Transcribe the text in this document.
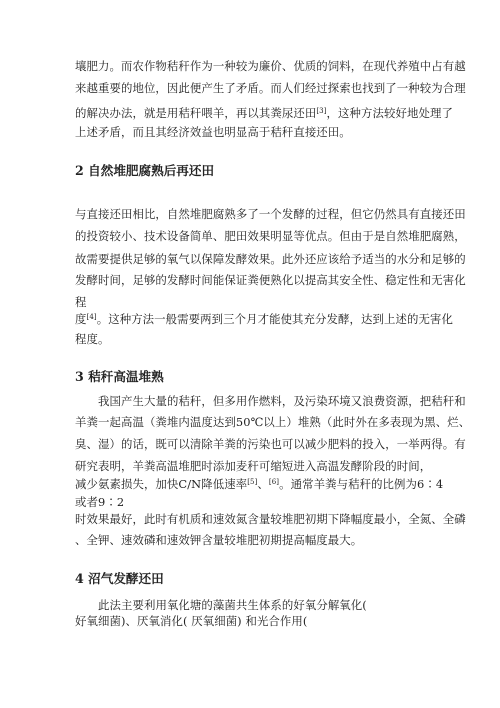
壤肥力。而农作物秸秆作为一种较为廉价、优质的饲料，在现代养殖中占有越
来越重要的地位，因此便产生了矛盾。而人们经过探索也找到了一种较为合理
的解决办法，就是用秸秆喂羊，再以其粪尿还田[3]，这种方法较好地处理了
上述矛盾，而且其经济效益也明显高于秸秆直接还田。
2 自然堆肥腐熟后再还田
与直接还田相比，自然堆肥腐熟多了一个发酵的过程，但它仍然具有直接还田
的投资较小、技术设备简单、肥田效果明显等优点。但由于是自然堆肥腐熟，
故需要提供足够的氧气以保障发酵效果。此外还应该给予适当的水分和足够的
发酵时间，足够的发酵时间能保证粪便熟化以提高其安全性、稳定性和无害化
程
度[4]。这种方法一般需要两到三个月才能使其充分发酵，达到上述的无害化
程度。
3 秸秆高温堆熟
我国产生大量的秸秆，但多用作燃料，及污染环境又浪费资源，把秸秆和
羊粪一起高温（粪堆内温度达到50℃以上）堆熟（此时外在多表现为黑、烂、
臭、湿）的话，既可以清除羊粪的污染也可以减少肥料的投入，一举两得。有
研究表明，羊粪高温堆肥时添加麦秆可缩短进入高温发酵阶段的时间，
减少氨素损失，加快C/N降低速率[5]、[6]。通常羊粪与秸秆的比例为6∶4
或者9∶2
时效果最好，此时有机质和速效氮含量较堆肥初期下降幅度最小，全氮、全磷
、全钾、速效磷和速效钾含量较堆肥初期提高幅度最大。
4 沼气发酵还田
此法主要利用氧化塘的藻菌共生体系的好氧分解氧化(
好氧细菌)、厌氧消化( 厌氧细菌) 和光合作用(
